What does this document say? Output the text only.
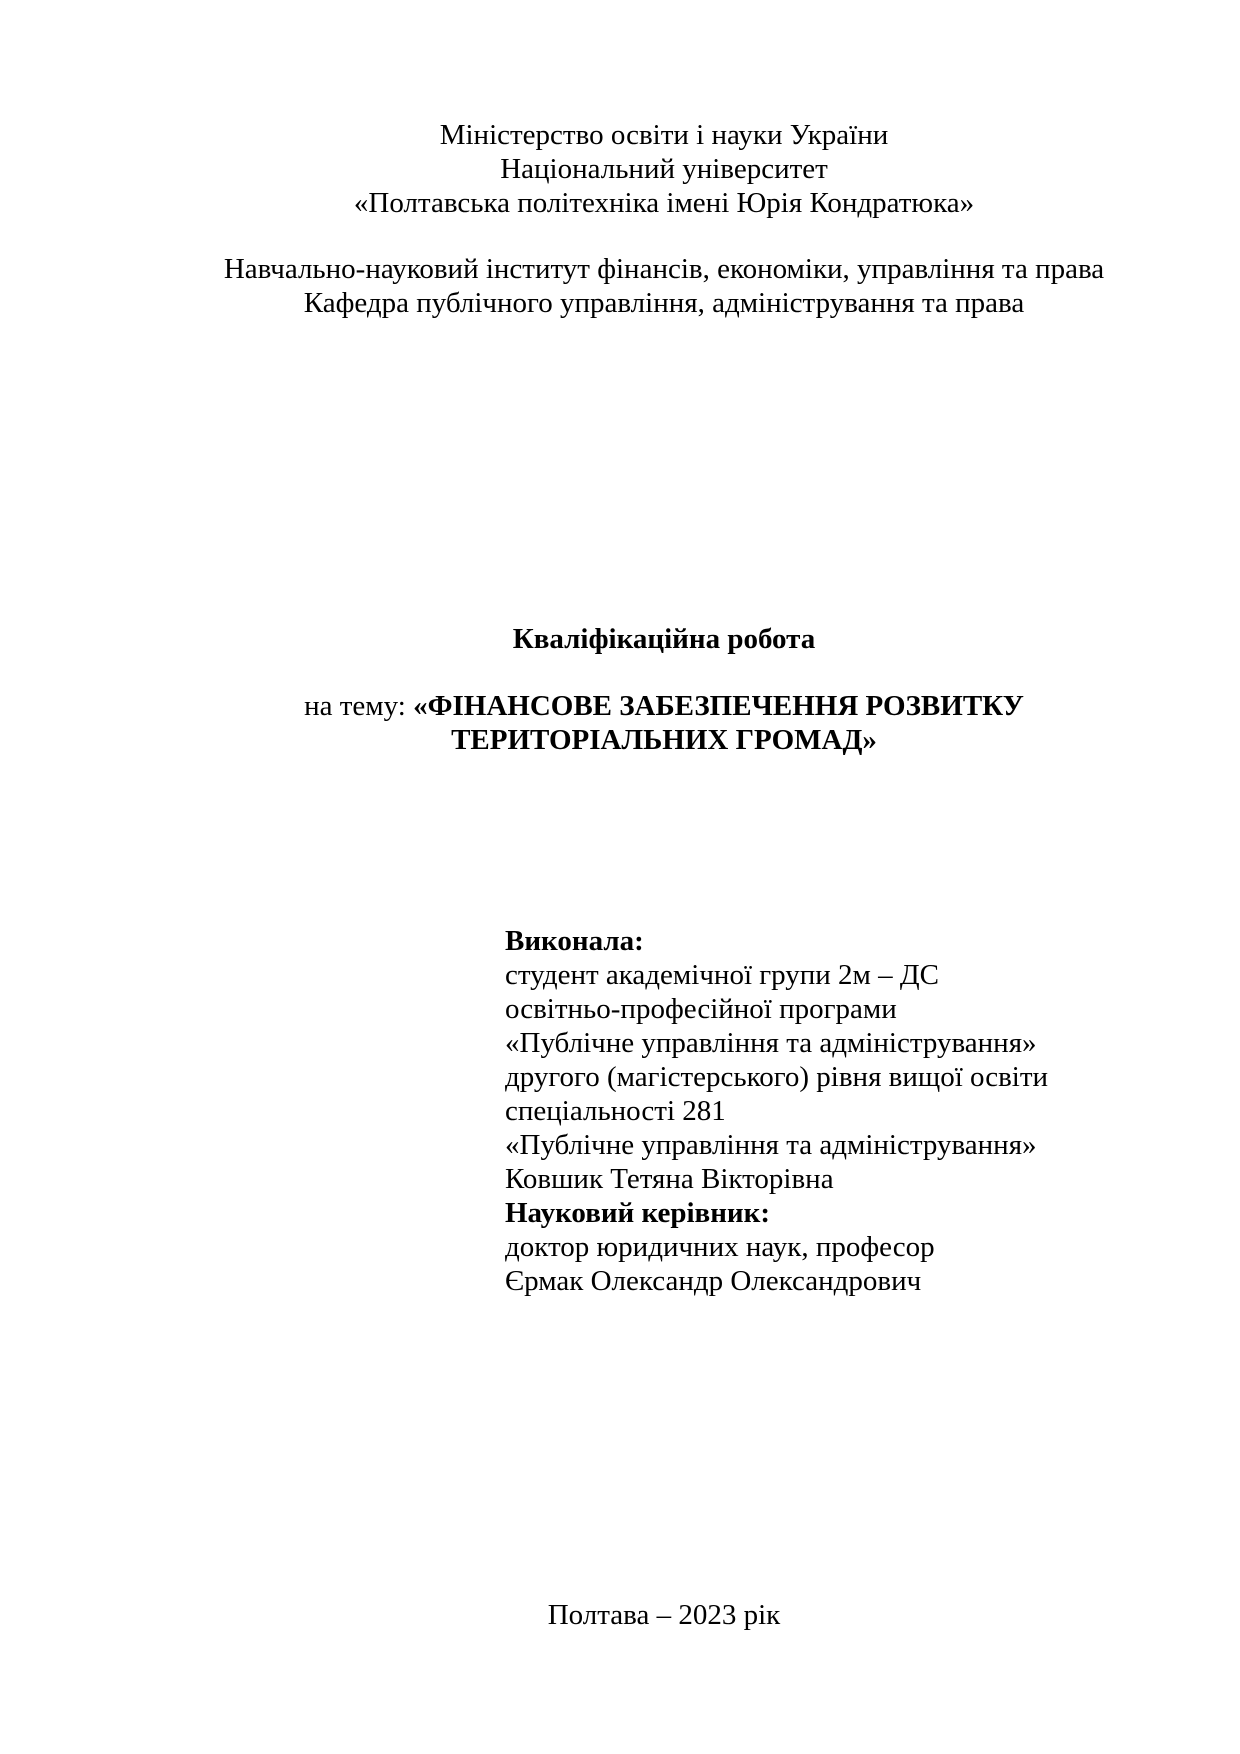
Міністерство освіти і науки України
Національний університет
«Полтавська політехніка імені Юрія Кондратюка»
Навчально-науковий інститут фінансів, економіки, управління та права
Кафедра публічного управління, адміністрування та права
Кваліфікаційна робота
на тему: «ФІНАНСОВЕ ЗАБЕЗПЕЧЕННЯ РОЗВИТКУ ТЕРИТОРІАЛЬНИХ ГРОМАД»
Виконала:
студент академічної групи 2м – ДС
освітньо-професійної програми
«Публічне управління та адміністрування»
другого (магістерського) рівня вищої освіти
спеціальності 281
«Публічне управління та адміністрування»
Ковшик Тетяна Вікторівна
Науковий керівник:
доктор юридичних наук, професор
Єрмак Олександр Олександрович
Полтава – 2023 рік
